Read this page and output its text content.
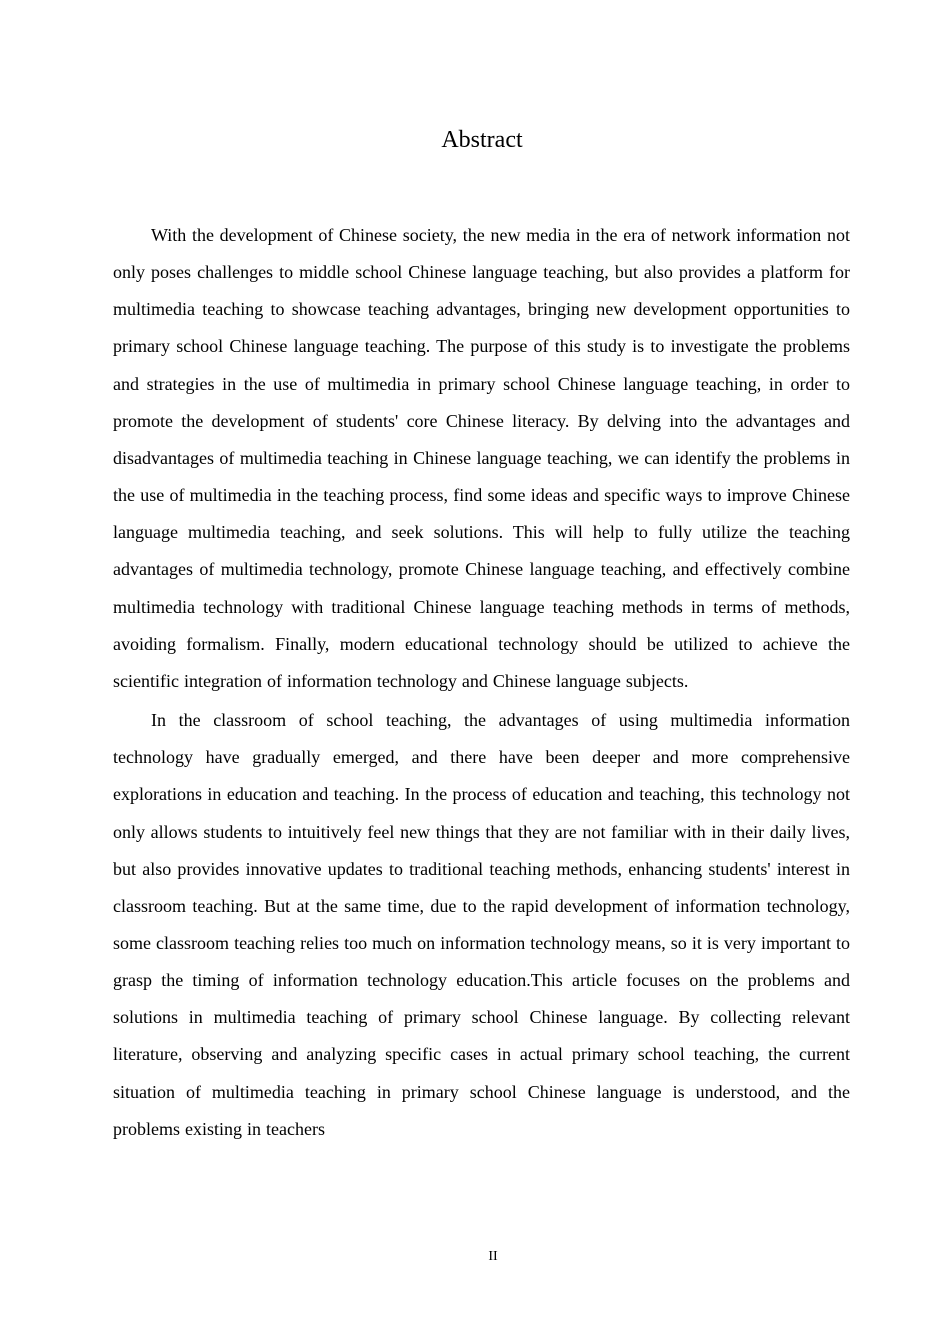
Abstract

With the development of Chinese society, the new media in the era of network information not only poses challenges to middle school Chinese language teaching, but also provides a platform for multimedia teaching to showcase teaching advantages, bringing new development opportunities to primary school Chinese language teaching. The purpose of this study is to investigate the problems and strategies in the use of multimedia in primary school Chinese language teaching, in order to promote the development of students' core Chinese literacy. By delving into the advantages and disadvantages of multimedia teaching in Chinese language teaching, we can identify the problems in the use of multimedia in the teaching process, find some ideas and specific ways to improve Chinese language multimedia teaching, and seek solutions. This will help to fully utilize the teaching advantages of multimedia technology, promote Chinese language teaching, and effectively combine multimedia technology with traditional Chinese language teaching methods in terms of methods, avoiding formalism. Finally, modern educational technology should be utilized to achieve the scientific integration of information technology and Chinese language subjects.

In the classroom of school teaching, the advantages of using multimedia information technology have gradually emerged, and there have been deeper and more comprehensive explorations in education and teaching. In the process of education and teaching, this technology not only allows students to intuitively feel new things that they are not familiar with in their daily lives, but also provides innovative updates to traditional teaching methods, enhancing students' interest in classroom teaching. But at the same time, due to the rapid development of information technology, some classroom teaching relies too much on information technology means, so it is very important to grasp the timing of information technology education.This article focuses on the problems and solutions in multimedia teaching of primary school Chinese language. By collecting relevant literature, observing and analyzing specific cases in actual primary school teaching, the current situation of multimedia teaching in primary school Chinese language is understood, and the problems existing in teachers

II
